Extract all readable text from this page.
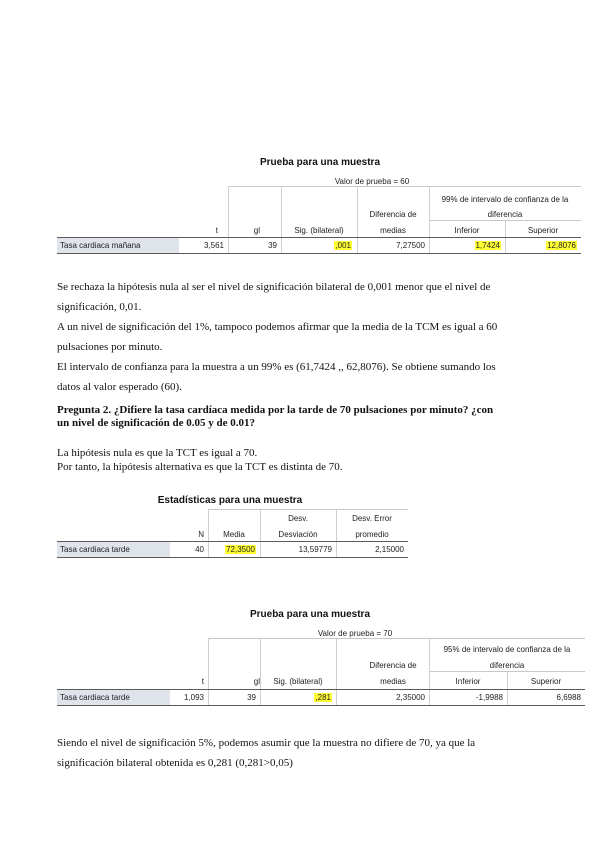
Prueba para una muestra
Valor de prueba = 60
99% de intervalo de confianza de la
diferencia
Diferencia de
medias
t	gl	Sig. (bilateral)	Inferior	Superior
Tasa cardiaca mañana	3,561	39	,001	7,27500	1,7424	12,8076
Se rechaza la hipótesis nula al ser el nivel de significación bilateral de 0,001 menor que el nivel de
significación, 0,01.
A un nivel de significación del 1%, tampoco podemos afirmar que la media de la TCM es igual a 60
pulsaciones por minuto.
El intervalo de confianza para la muestra a un 99% es (61,7424 ,, 62,8076). Se obtiene sumando los
datos al valor esperado (60).
Pregunta 2. ¿Difiere la tasa cardíaca medida por la tarde de 70 pulsaciones por minuto? ¿con
un nivel de significación de 0.05 y de 0.01?
La hipótesis nula es que la TCT es igual a 70.
Por tanto, la hipótesis alternativa es que la TCT es distinta de 70.
Estadísticas para una muestra
Desv.	Desv. Error
N	Media	Desviación	promedio
Tasa cardiaca tarde	40	72,3500	13,59779	2,15000
Prueba para una muestra
Valor de prueba = 70
95% de intervalo de confianza de la
diferencia
Diferencia de
medias
t	gl	Sig. (bilateral)	Inferior	Superior
Tasa cardiaca tarde	1,093	39	,281	2,35000	-1,9988	6,6988
Siendo el nivel de significación 5%, podemos asumir que la muestra no difiere de 70, ya que la
significación bilateral obtenida es 0,281 (0,281>0,05)
